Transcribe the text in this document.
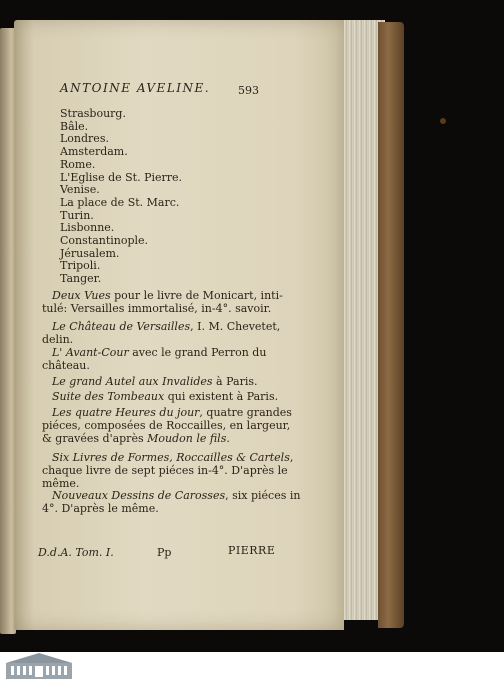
ANTOINE AVELINE.	593
Strasbourg.
Bâle.
Londres.
Amsterdam.
Rome.
L'Eglise de St. Pierre.
Venise.
La place de St. Marc.
Turin.
Lisbonne.
Constantinople.
Jérusalem.
Tripoli.
Tanger.
Deux Vues pour le livre de Monicart, inti-
tulé: Versailles immortalisé, in-4°. savoir.
Le Château de Versailles, I. M. Chevetet,
delin.
L' Avant-Cour avec le grand Perron du
château.
Le grand Autel aux Invalides à Paris.
Suite des Tombeaux qui existent à Paris.
Les quatre Heures du jour, quatre grandes
piéces, composées de Roccailles, en largeur,
& gravées d'après Moudon le fils.
Six Livres de Formes, Roccailles & Cartels,
chaque livre de sept piéces in-4°. D'après le
même.
Nouveaux Dessins de Carosses, six piéces in
4°. D'après le même.
D.d.A. Tom. I.	Pp	PIERRE
